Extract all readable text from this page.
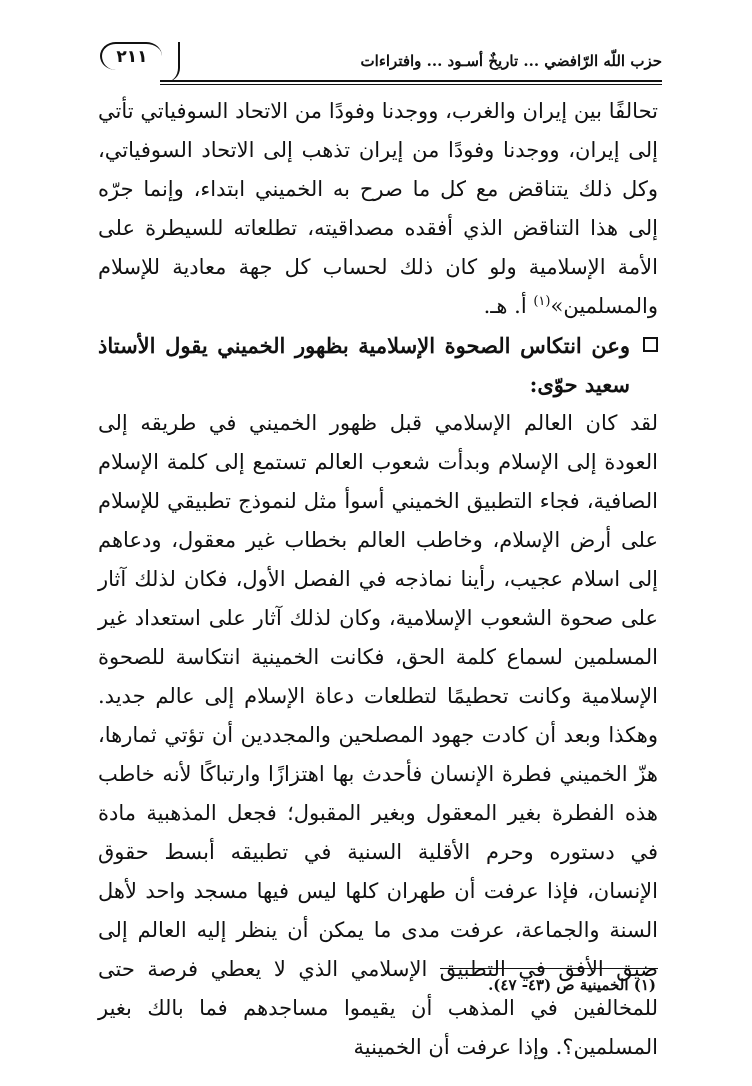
٢١١	حزب اللّه الرّافضي ... تاريخٌ أسـود ... وافتراءات

تحالفًا بين إيران والغرب، ووجدنا وفودًا من الاتحاد السوفياتي تأتي إلى إيران، ووجدنا وفودًا من إيران تذهب إلى الاتحاد السوفياتي، وكل ذلك يتناقض مع كل ما صرح به الخميني ابتداء، وإنما جرّه إلى هذا التناقض الذي أفقده مصداقيته، تطلعاته للسيطرة على الأمة الإسلامية ولو كان ذلك لحساب كل جهة معادية للإسلام والمسلمين»$^{(١)}$ أ. هـ.

وعن انتكاس الصحوة الإسلامية بظهور الخميني يقول الأستاذ سعيد حوّى:

لقد كان العالم الإسلامي قبل ظهور الخميني في طريقه إلى العودة إلى الإسلام وبدأت شعوب العالم تستمع إلى كلمة الإسلام الصافية، فجاء التطبيق الخميني أسوأ مثل لنموذج تطبيقي للإسلام على أرض الإسلام، وخاطب العالم بخطاب غير معقول، ودعاهم إلى اسلام عجيب، رأينا نماذجه في الفصل الأول، فكان لذلك آثار على صحوة الشعوب الإسلامية، وكان لذلك آثار على استعداد غير المسلمين لسماع كلمة الحق، فكانت الخمينية انتكاسة للصحوة الإسلامية وكانت تحطيمًا لتطلعات دعاة الإسلام إلى عالم جديد. وهكذا وبعد أن كادت جهود المصلحين والمجددين أن تؤتي ثمارها، هزّ الخميني فطرة الإنسان فأحدث بها اهتزازًا وارتباكًا لأنه خاطب هذه الفطرة بغير المعقول وبغير المقبول؛ فجعل المذهبية مادة في دستوره وحرم الأقلية السنية في تطبيقه أبسط حقوق الإنسان، فإذا عرفت أن طهران كلها ليس فيها مسجد واحد لأهل السنة والجماعة، عرفت مدى ما يمكن أن ينظر إليه العالم إلى ضيق الأفق في التطبيق الإسلامي الذي لا يعطي فرصة حتى للمخالفين في المذهب أن يقيموا مساجدهم فما بالك بغير المسلمين؟. وإذا عرفت أن الخمينية

(١) الخمينية ص (٤٣- ٤٧).
